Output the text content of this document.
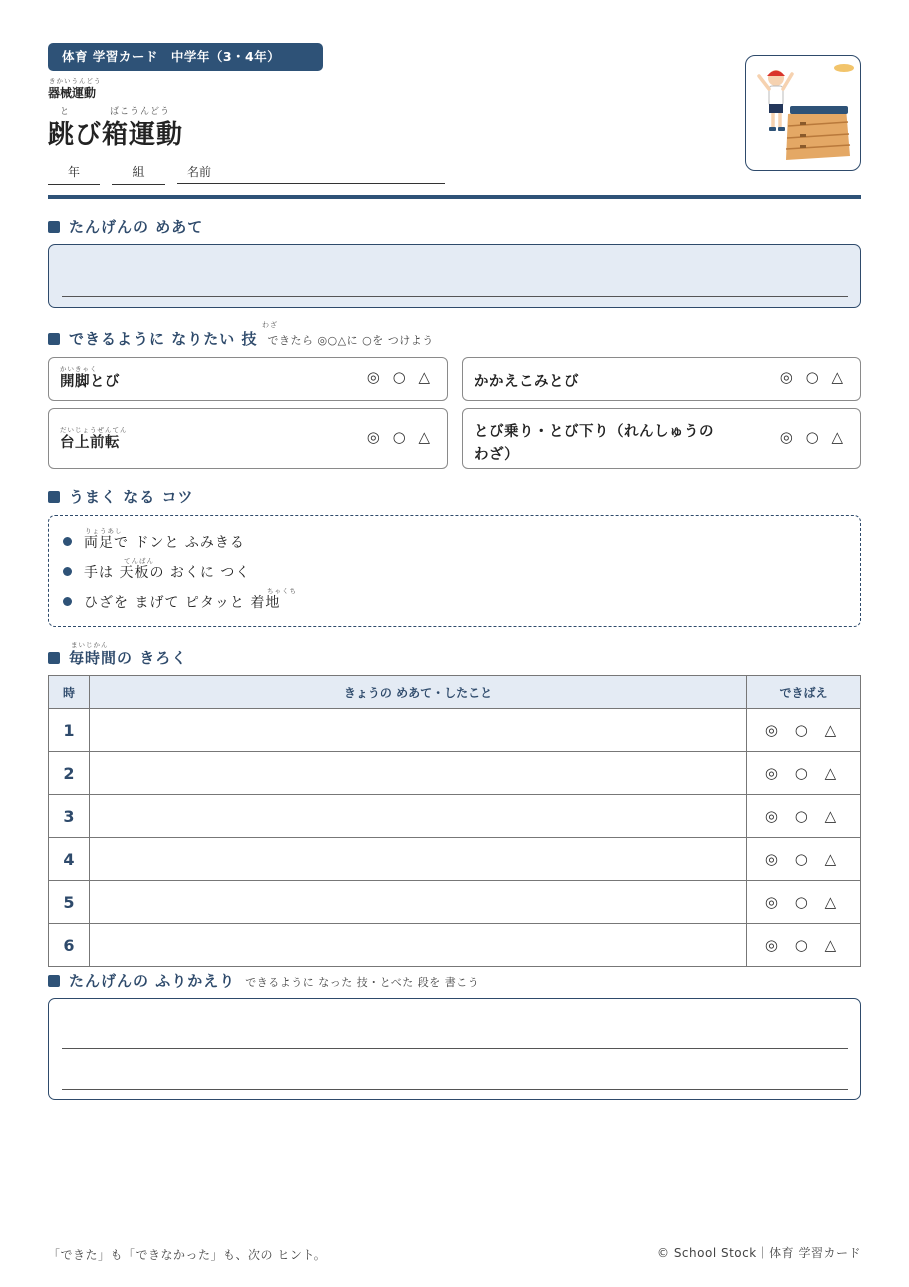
体育 学習カード　中学年（3・4年）
きかいうんどう
器械運動
と	ばこうんどう
跳び箱運動
年	組	名前
たんげんの めあて
わざ
できるように なりたい 技 できたら ◎○△に ○を つけよう
かいきゃく
開脚とび	◎ ○ △	かかえこみとび	◎ ○ △
だいじょうぜんてん
台上前転	◎ ○ △	とび乗り・とび下り（れんしゅうの
わざ）
◎ ○ △
うまく なる コツ
りょうあし
両足で ドンと ふみきる
てんばん
手は 天板の おくに つく
ちゃくち
ひざを まげて ピタッと 着地
まいじかん
毎時間の きろく
時	きょうの めあて・したこと	できばえ
1		◎ ○ △
2		◎ ○ △
3		◎ ○ △
4		◎ ○ △
5		◎ ○ △
6		◎ ○ △
たんげんの ふりかえり できるように なった 技・とべた 段を 書こう
「できた」も「できなかった」も、次の ヒント。	© School Stock｜体育 学習カード
